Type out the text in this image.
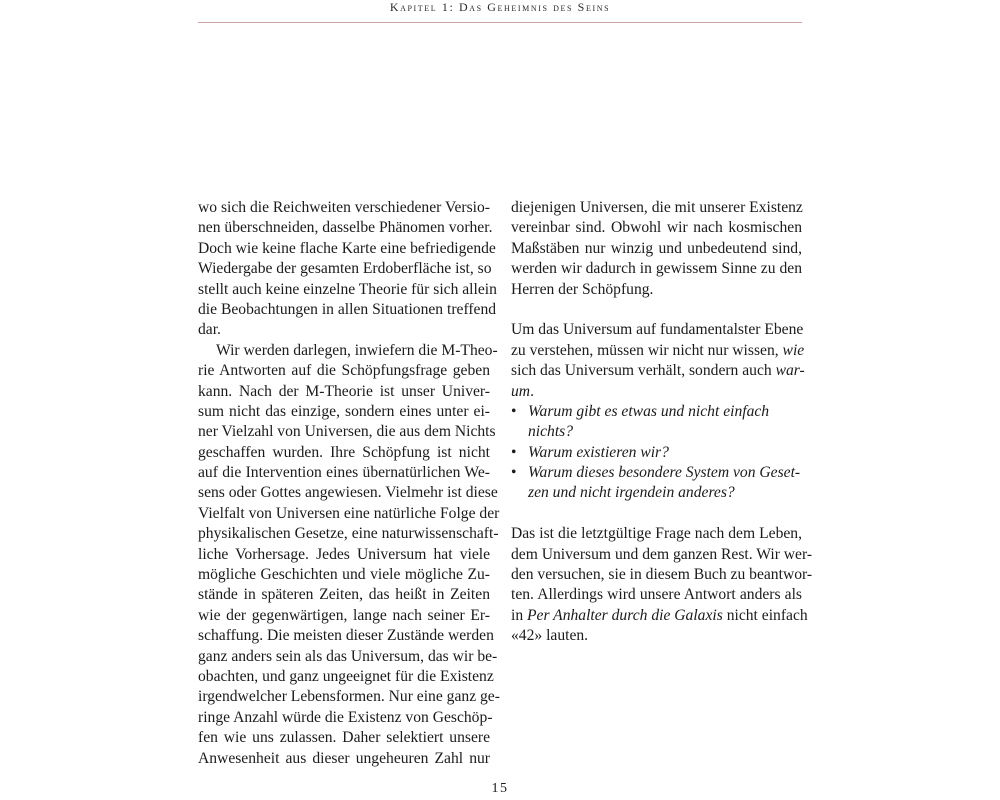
Kapitel 1: Das Geheimnis des Seins
wo sich die Reichweiten verschiedener Versio-
nen überschneiden, dasselbe Phänomen vorher.
Doch wie keine flache Karte eine befriedigende
Wiedergabe der gesamten Erdoberfläche ist, so
stellt auch keine einzelne Theorie für sich allein
die Beobachtungen in allen Situationen treffend
dar.
Wir werden darlegen, inwiefern die M-Theo-
rie Antworten auf die Schöpfungsfrage geben
kann. Nach der M-Theorie ist unser Univer-
sum nicht das einzige, sondern eines unter ei-
ner Vielzahl von Universen, die aus dem Nichts
geschaffen wurden. Ihre Schöpfung ist nicht
auf die Intervention eines übernatürlichen We-
sens oder Gottes angewiesen. Vielmehr ist diese
Vielfalt von Universen eine natürliche Folge der
physikalischen Gesetze, eine naturwissenschaft-
liche Vorhersage. Jedes Universum hat viele
mögliche Geschichten und viele mögliche Zu-
stände in späteren Zeiten, das heißt in Zeiten
wie der gegenwärtigen, lange nach seiner Er-
schaffung. Die meisten dieser Zustände werden
ganz anders sein als das Universum, das wir be-
obachten, und ganz ungeeignet für die Existenz
irgendwelcher Lebensformen. Nur eine ganz ge-
ringe Anzahl würde die Existenz von Geschöp-
fen wie uns zulassen. Daher selektiert unsere
Anwesenheit aus dieser ungeheuren Zahl nur
diejenigen Universen, die mit unserer Existenz
vereinbar sind. Obwohl wir nach kosmischen
Maßstäben nur winzig und unbedeutend sind,
werden wir dadurch in gewissem Sinne zu den
Herren der Schöpfung.
Um das Universum auf fundamentalster Ebene
zu verstehen, müssen wir nicht nur wissen, wie
sich das Universum verhält, sondern auch war-
um.
• Warum gibt es etwas und nicht einfach
nichts?
• Warum existieren wir?
• Warum dieses besondere System von Geset-
zen und nicht irgendein anderes?
Das ist die letztgültige Frage nach dem Leben,
dem Universum und dem ganzen Rest. Wir wer-
den versuchen, sie in diesem Buch zu beantwor-
ten. Allerdings wird unsere Antwort anders als
in Per Anhalter durch die Galaxis nicht einfach
«42» lauten.
15
